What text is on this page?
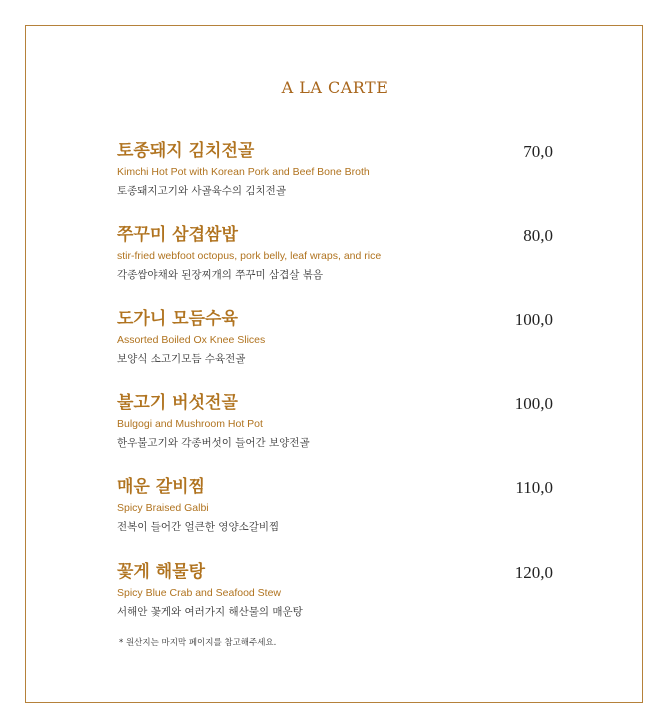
A LA CARTE
토종돼지 김치전골
Kimchi Hot Pot with Korean Pork and Beef Bone Broth
토종돼지고기와 사골육수의 김치전골
70,0
쭈꾸미 삼겹쌈밥
stir-fried webfoot octopus, pork belly, leaf wraps, and rice
각종쌈야채와 된장찌개의 쭈꾸미 삼겹살 볶음
80,0
도가니 모듬수육
Assorted Boiled Ox Knee Slices
보양식 소고기모듬 수육전골
100,0
불고기 버섯전골
Bulgogi and Mushroom Hot Pot
한우불고기와 각종버섯이 들어간 보양전골
100,0
매운 갈비찜
Spicy Braised Galbi
전복이 들어간 얼큰한 영양소갈비찜
110,0
꽃게 해물탕
Spicy Blue Crab and Seafood Stew
서해안 꽃게와 여러가지 해산물의 매운탕
120,0
* 원산지는 마지막 페이지를 참고해주세요.
